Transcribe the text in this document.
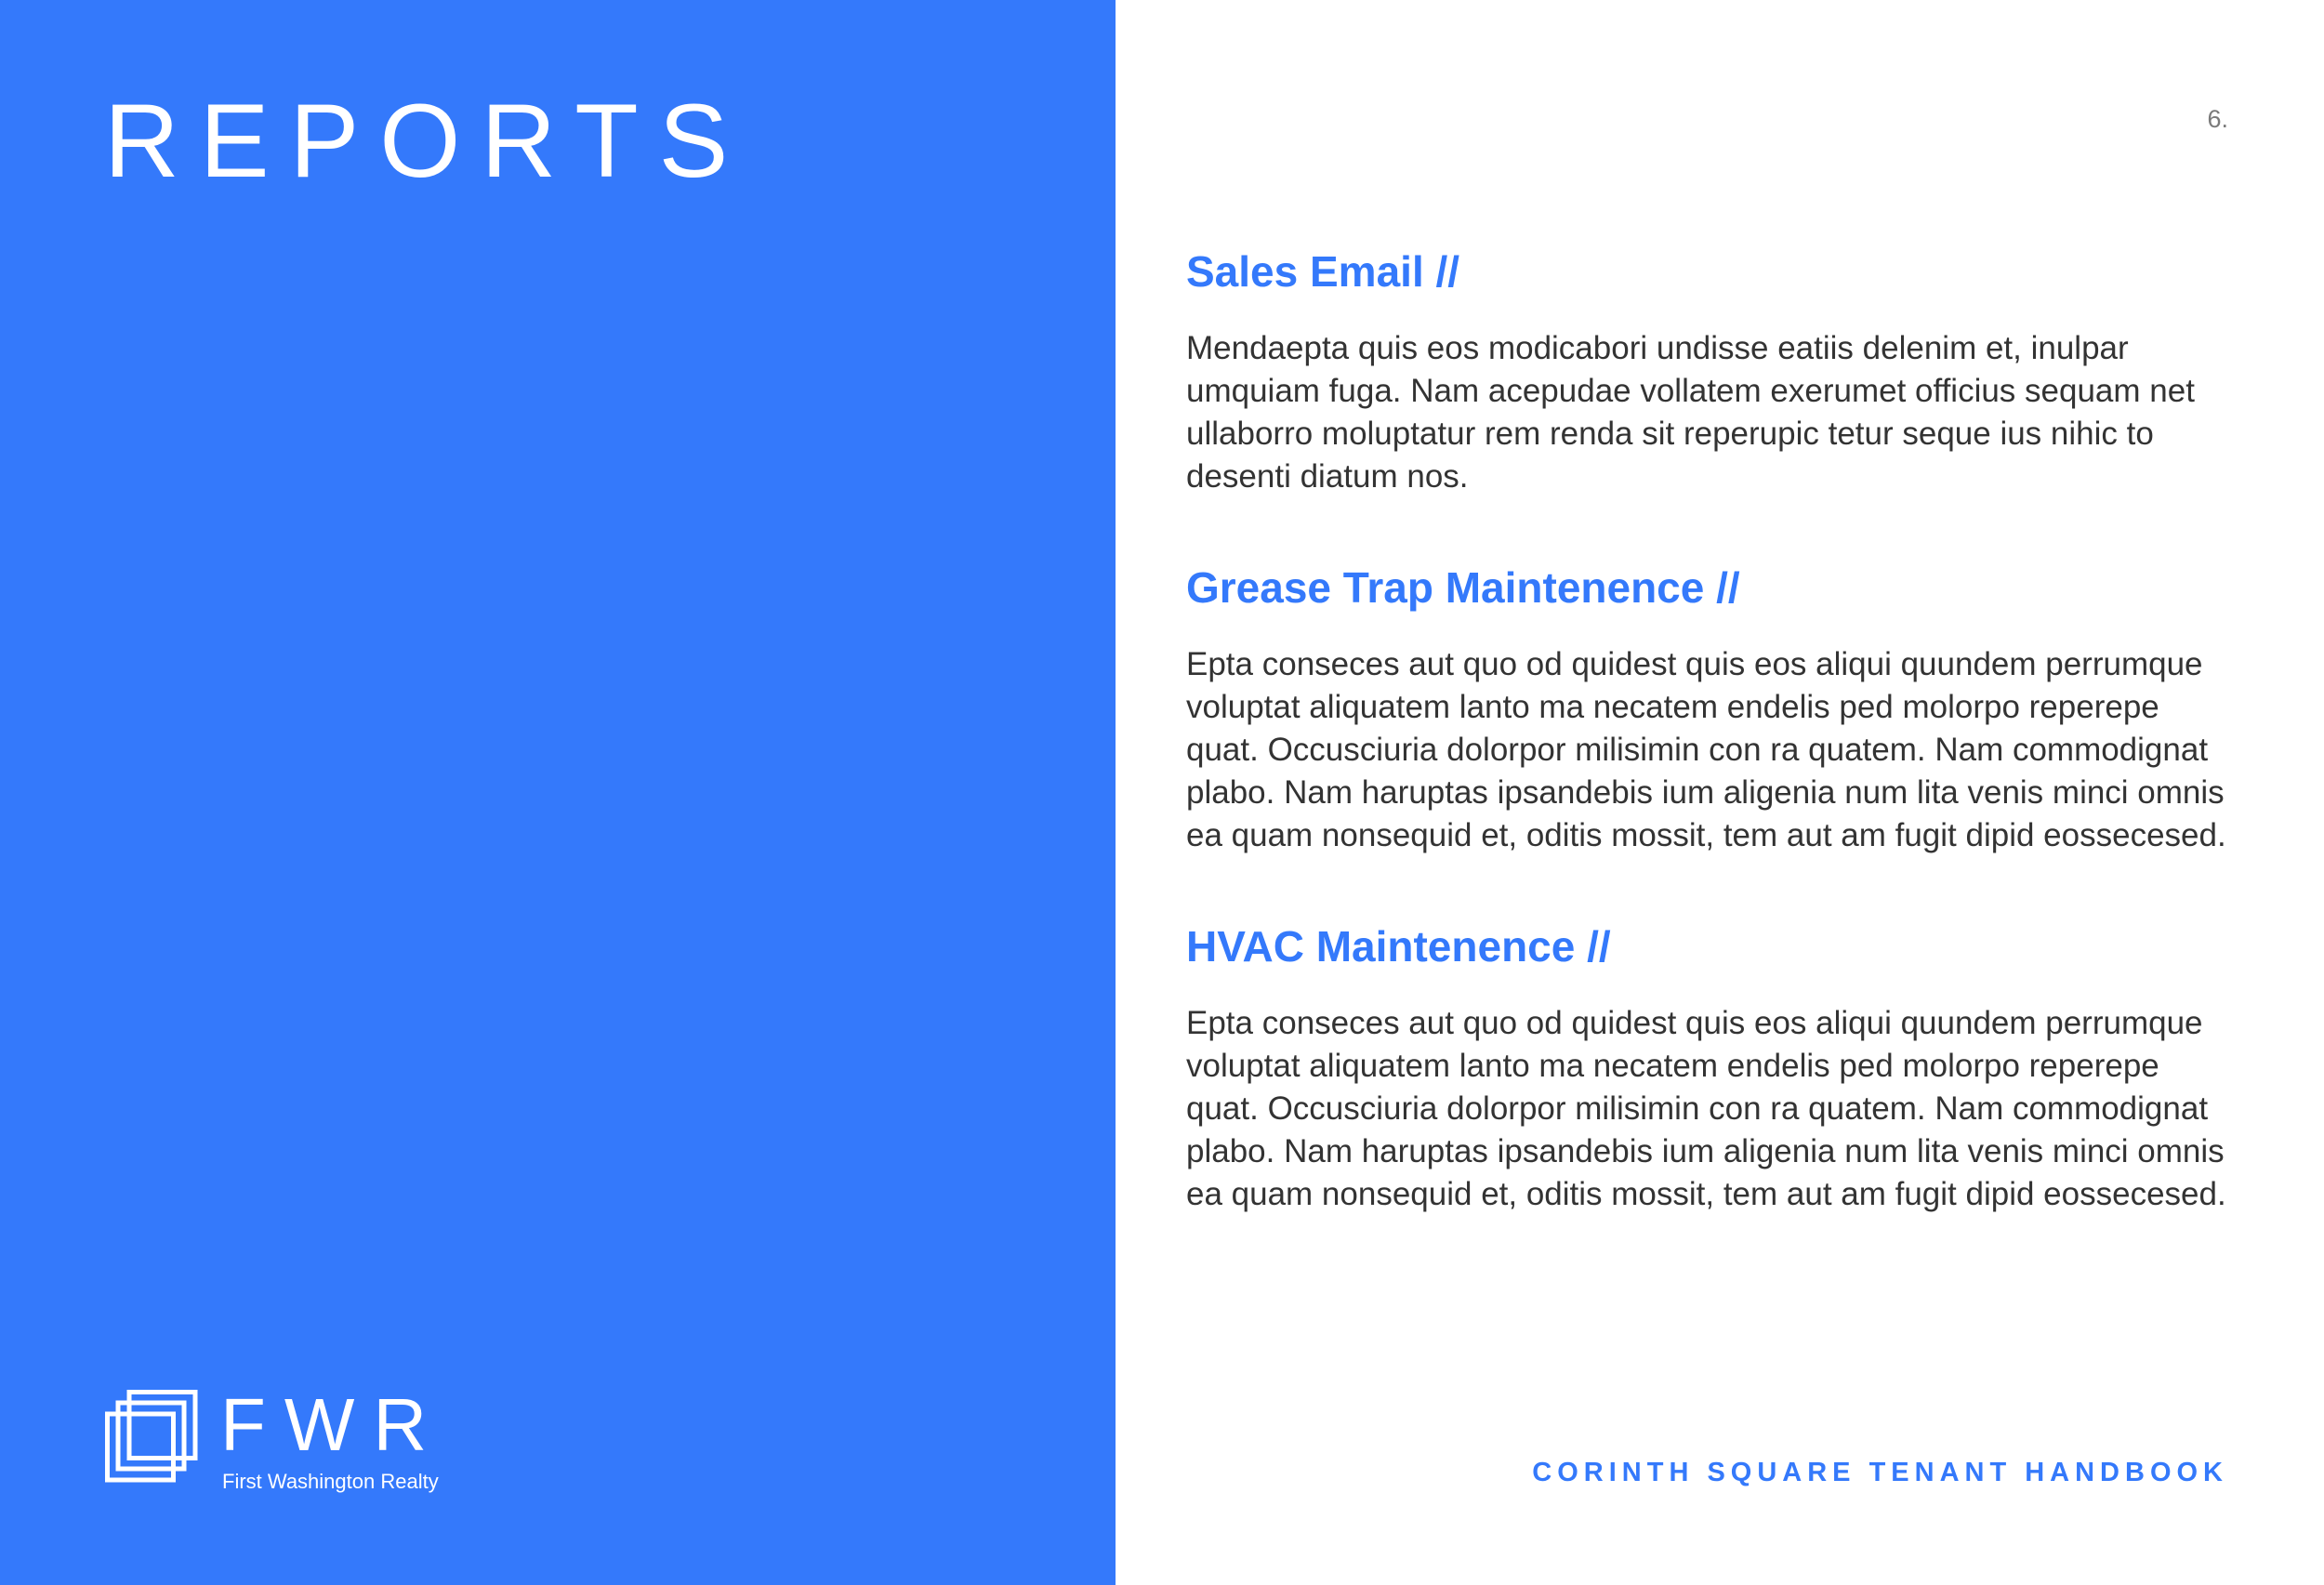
REPORTS
FWR
First Washington Realty
6.
Sales Email //

Mendaepta quis eos modicabori undisse eatiis delenim et, inulpar umquiam fuga. Nam acepudae vollatem exerumet officius sequam net ullaborro moluptatur rem renda sit reperupic tetur seque ius nihic to desenti diatum nos.

Grease Trap Maintenence //

Epta conseces aut quo od quidest quis eos aliqui quundem perrumque voluptat aliquatem lanto ma necatem endelis ped molorpo reperepe quat. Occusciuria dolorpor milisimin con ra quatem. Nam commodignat plabo. Nam haruptas ipsandebis ium aligenia num lita venis minci omnis ea quam nonsequid et, oditis mossit, tem aut am fugit dipid eossecesed.

HVAC Maintenence //

Epta conseces aut quo od quidest quis eos aliqui quundem perrumque voluptat aliquatem lanto ma necatem endelis ped molorpo reperepe quat. Occusciuria dolorpor milisimin con ra quatem. Nam commodignat plabo. Nam haruptas ipsandebis ium aligenia num lita venis minci omnis ea quam nonsequid et, oditis mossit, tem aut am fugit dipid eossecesed.

CORINTH SQUARE TENANT HANDBOOK
